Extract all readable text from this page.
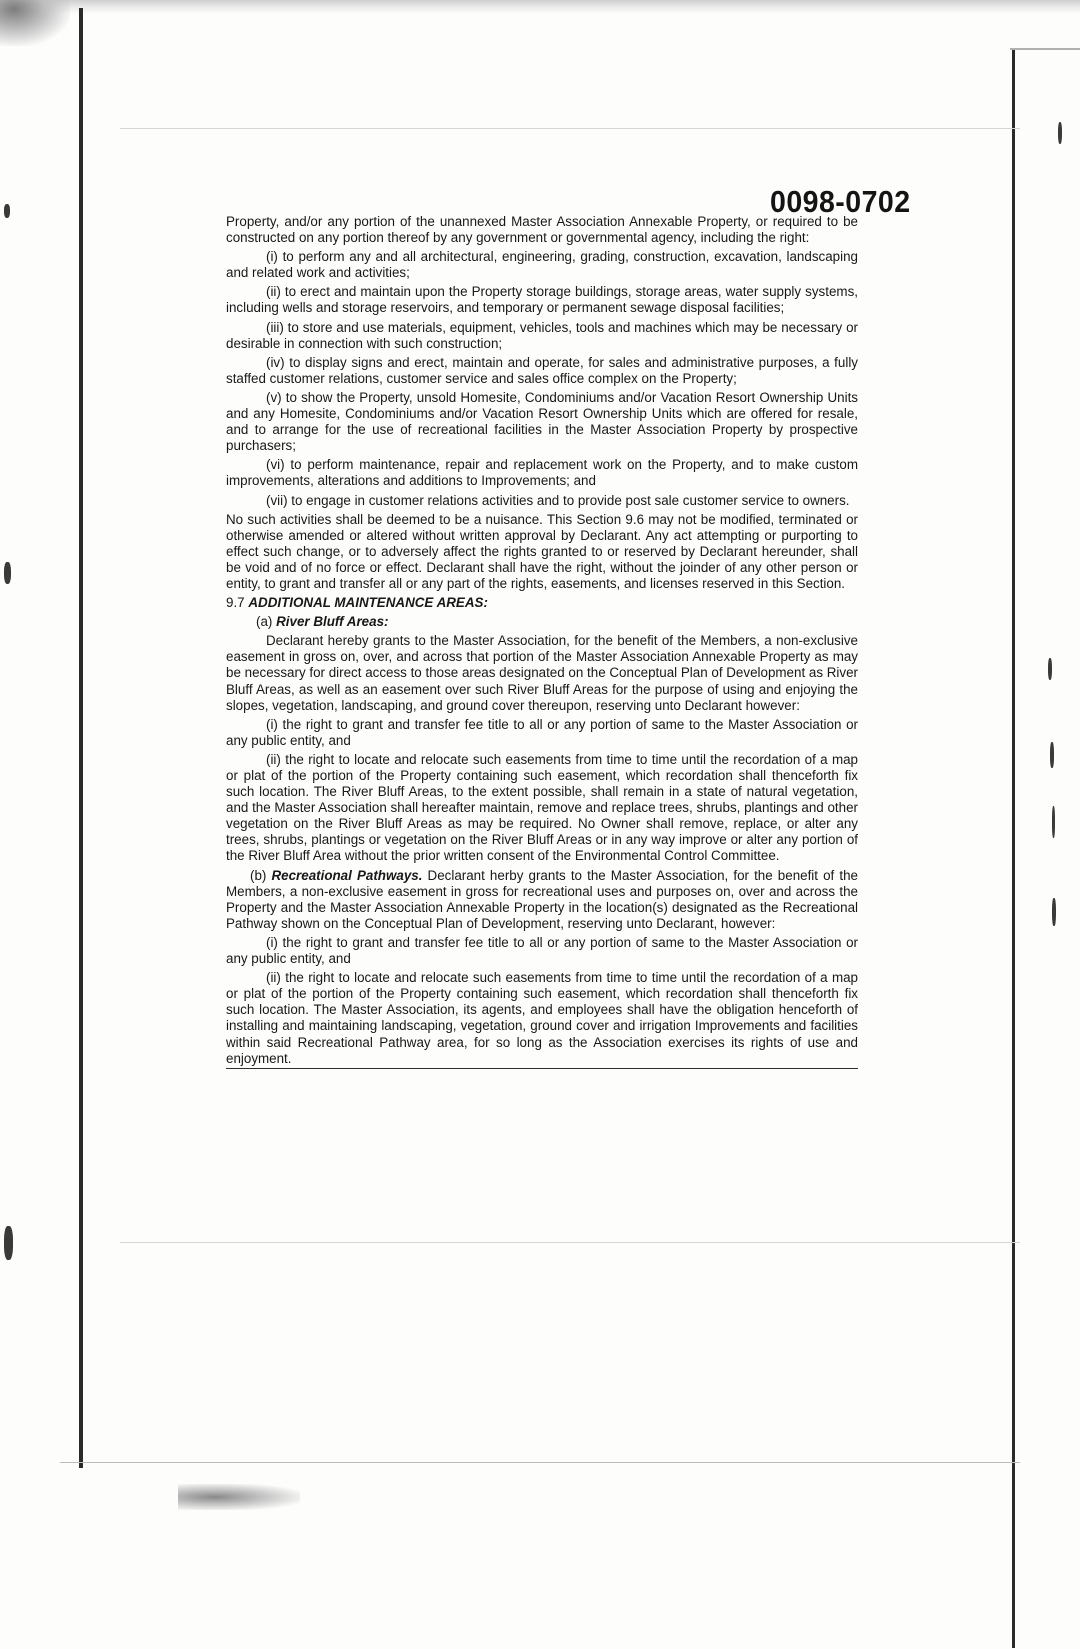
0098-0702

Property, and/or any portion of the unannexed Master Association Annexable Property, or required to be constructed on any portion thereof by any government or governmental agency, including the right:

(i) to perform any and all architectural, engineering, grading, construction, excavation, landscaping and related work and activities;

(ii) to erect and maintain upon the Property storage buildings, storage areas, water supply systems, including wells and storage reservoirs, and temporary or permanent sewage disposal facilities;

(iii) to store and use materials, equipment, vehicles, tools and machines which may be necessary or desirable in connection with such construction;

(iv) to display signs and erect, maintain and operate, for sales and administrative purposes, a fully staffed customer relations, customer service and sales office complex on the Property;

(v) to show the Property, unsold Homesite, Condominiums and/or Vacation Resort Ownership Units and any Homesite, Condominiums and/or Vacation Resort Ownership Units which are offered for resale, and to arrange for the use of recreational facilities in the Master Association Property by prospective purchasers;

(vi) to perform maintenance, repair and replacement work on the Property, and to make custom improvements, alterations and additions to Improvements; and

(vii) to engage in customer relations activities and to provide post sale customer service to owners.

No such activities shall be deemed to be a nuisance. This Section 9.6 may not be modified, terminated or otherwise amended or altered without written approval by Declarant. Any act attempting or purporting to effect such change, or to adversely affect the rights granted to or reserved by Declarant hereunder, shall be void and of no force or effect. Declarant shall have the right, without the joinder of any other person or entity, to grant and transfer all or any part of the rights, easements, and licenses reserved in this Section.

9.7 ADDITIONAL MAINTENANCE AREAS:

(a) River Bluff Areas:

Declarant hereby grants to the Master Association, for the benefit of the Members, a non-exclusive easement in gross on, over, and across that portion of the Master Association Annexable Property as may be necessary for direct access to those areas designated on the Conceptual Plan of Development as River Bluff Areas, as well as an easement over such River Bluff Areas for the purpose of using and enjoying the slopes, vegetation, landscaping, and ground cover thereupon, reserving unto Declarant however:

(i) the right to grant and transfer fee title to all or any portion of same to the Master Association or any public entity, and

(ii) the right to locate and relocate such easements from time to time until the recordation of a map or plat of the portion of the Property containing such easement, which recordation shall thenceforth fix such location. The River Bluff Areas, to the extent possible, shall remain in a state of natural vegetation, and the Master Association shall hereafter maintain, remove and replace trees, shrubs, plantings and other vegetation on the River Bluff Areas as may be required. No Owner shall remove, replace, or alter any trees, shrubs, plantings or vegetation on the River Bluff Areas or in any way improve or alter any portion of the River Bluff Area without the prior written consent of the Environmental Control Committee.

(b) Recreational Pathways. Declarant herby grants to the Master Association, for the benefit of the Members, a non-exclusive easement in gross for recreational uses and purposes on, over and across the Property and the Master Association Annexable Property in the location(s) designated as the Recreational Pathway shown on the Conceptual Plan of Development, reserving unto Declarant, however:

(i) the right to grant and transfer fee title to all or any portion of same to the Master Association or any public entity, and

(ii) the right to locate and relocate such easements from time to time until the recordation of a map or plat of the portion of the Property containing such easement, which recordation shall thenceforth fix such location. The Master Association, its agents, and employees shall have the obligation henceforth of installing and maintaining landscaping, vegetation, ground cover and irrigation Improvements and facilities within said Recreational Pathway area, for so long as the Association exercises its rights of use and enjoyment.
